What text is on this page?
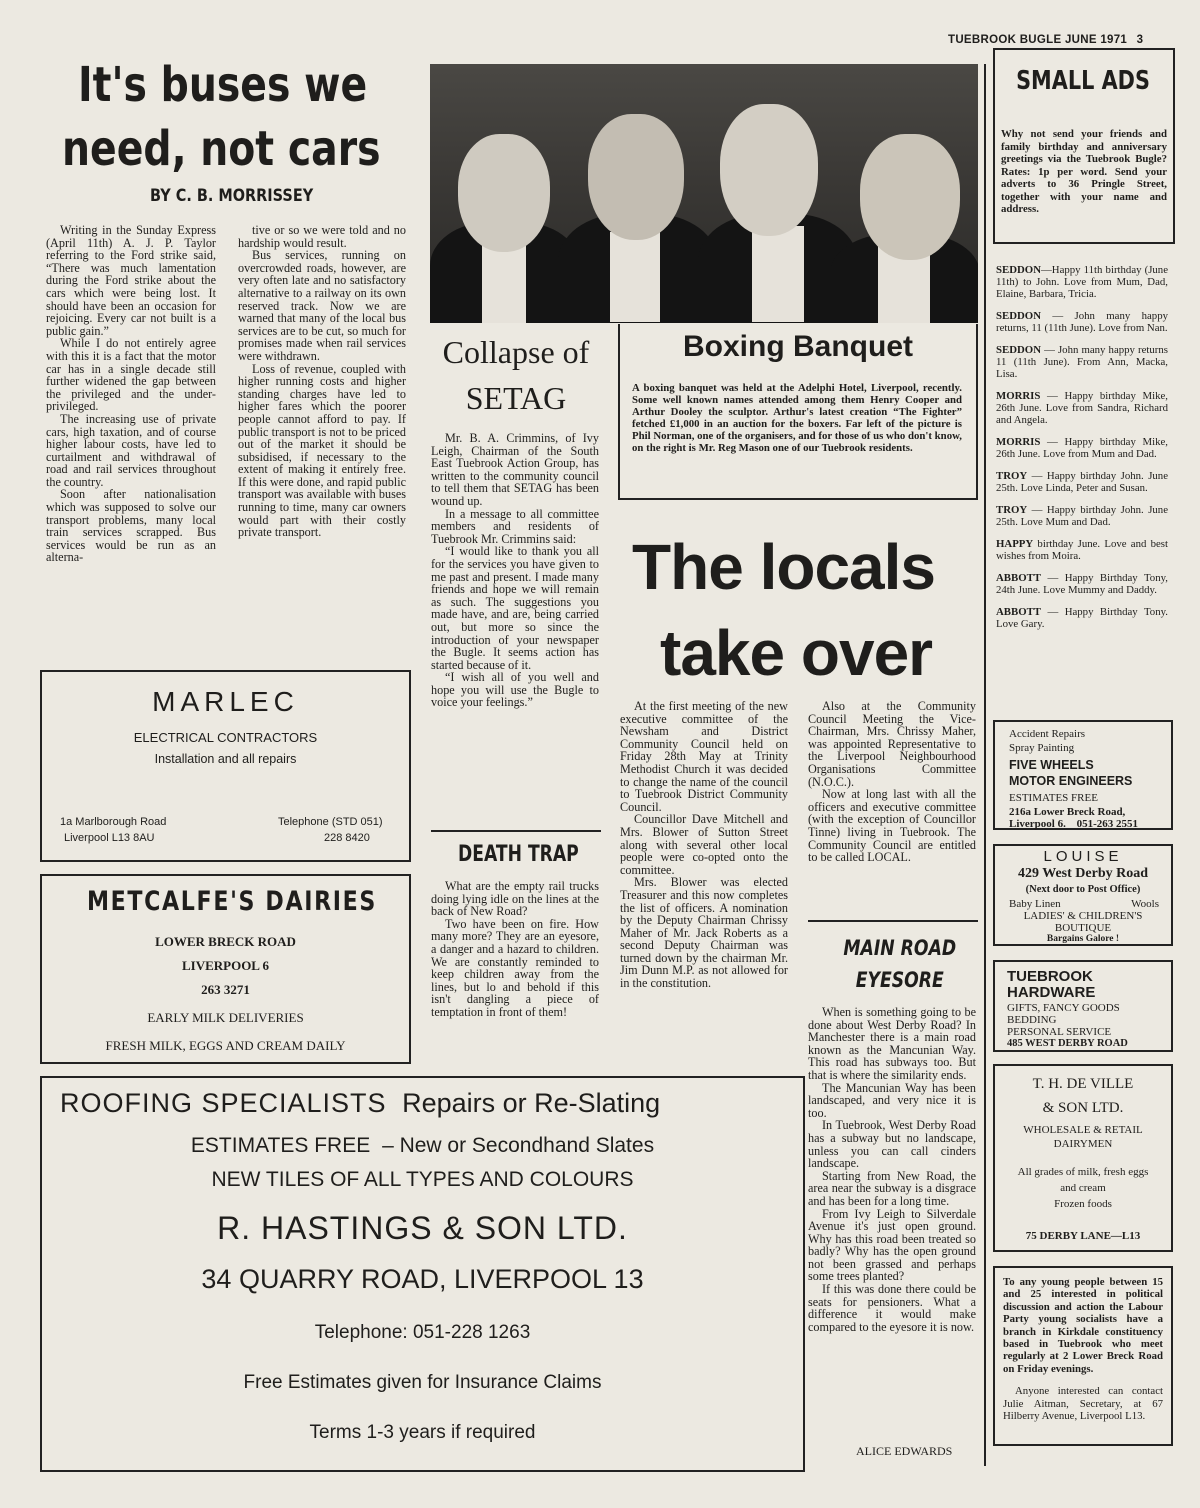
TUEBROOK BUGLE JUNE 1971 3
It's buses we
need, not cars
BY C. B. MORRISSEY

Writing in the Sunday Express (April 11th) A. J. P. Taylor referring to the Ford strike said, “There was much lamentation during the Ford strike about the cars which were being lost. It should have been an occasion for rejoicing. Every car not built is a public gain.”

While I do not entirely agree with this it is a fact that the motor car has in a single decade still further widened the gap between the privileged and the under-privileged.

The increasing use of private cars, high taxation, and of course higher labour costs, have led to curtailment and withdrawal of road and rail services throughout the country.

Soon after nationalisation which was supposed to solve our transport problems, many local train services scrapped. Bus services would be run as an alterna-

tive or so we were told and no hardship would result.

Bus services, running on overcrowded roads, however, are very often late and no satisfactory alternative to a railway on its own reserved track. Now we are warned that many of the local bus services are to be cut, so much for promises made when rail services were withdrawn.

Loss of revenue, coupled with higher running costs and higher standing charges have led to higher fares which the poorer people cannot afford to pay. If public transport is not to be priced out of the market it should be subsidised, if necessary to the extent of making it entirely free. If this were done, and rapid public transport was available with buses running to time, many car owners would part with their costly private transport.

MARLEC
ELECTRICAL CONTRACTORS
Installation and all repairs
1a Marlborough Road
Liverpool L13 8AU
Telephone (STD 051)
228 8420
METCALFE'S DAIRIES
LOWER BRECK ROAD
LIVERPOOL 6
263 3271
EARLY MILK DELIVERIES
FRESH MILK, EGGS AND CREAM DAILY
ROOFING SPECIALISTS Repairs or Re-Slating
ESTIMATES FREE – New or Secondhand Slates
NEW TILES OF ALL TYPES AND COLOURS
R. HASTINGS & SON LTD.
34 QUARRY ROAD, LIVERPOOL 13
Telephone: 051-228 1263
Free Estimates given for Insurance Claims
Terms 1-3 years if required
Collapse of
SETAG

Mr. B. A. Crimmins, of Ivy Leigh, Chairman of the South East Tuebrook Action Group, has written to the community council to tell them that SETAG has been wound up.

In a message to all committee members and residents of Tuebrook Mr. Crimmins said:

“I would like to thank you all for the services you have given to me past and present. I made many friends and hope we will remain as such. The suggestions you made have, and are, being carried out, but more so since the introduction of your newspaper the Bugle. It seems action has started because of it.

“I wish all of you well and hope you will use the Bugle to voice your feelings.”

DEATH TRAP

What are the empty rail trucks doing lying idle on the lines at the back of New Road?

Two have been on fire. How many more? They are an eyesore, a danger and a hazard to children. We are constantly reminded to keep children away from the lines, but lo and behold if this isn't dangling a piece of temptation in front of them!

Boxing Banquet
A boxing banquet was held at the Adelphi Hotel, Liverpool, recently. Some well known names attended among them Henry Cooper and Arthur Dooley the sculptor. Arthur's latest creation “The Fighter” fetched £1,000 in an auction for the boxers. Far left of the picture is Phil Norman, one of the organisers, and for those of us who don't know, on the right is Mr. Reg Mason one of our Tuebrook residents.
The locals
take over

At the first meeting of the new executive committee of the Newsham and District Community Council held on Friday 28th May at Trinity Methodist Church it was decided to change the name of the council to Tuebrook District Community Council.

Councillor Dave Mitchell and Mrs. Blower of Sutton Street along with several other local people were co-opted onto the committee.

Mrs. Blower was elected Treasurer and this now completes the list of officers. A nomination by the Deputy Chairman Chrissy Maher of Mr. Jack Roberts as a second Deputy Chairman was turned down by the chairman Mr. Jim Dunn M.P. as not allowed for in the constitution.

Also at the Community Council Meeting the Vice-Chairman, Mrs. Chrissy Maher, was appointed Representative to the Liverpool Neighbourhood Organisations Committee (N.O.C.).

Now at long last with all the officers and executive committee (with the exception of Councillor Tinne) living in Tuebrook. The Community Council are entitled to be called LOCAL.

MAIN ROAD
EYESORE

When is something going to be done about West Derby Road? In Manchester there is a main road known as the Mancunian Way. This road has subways too. But that is where the similarity ends.

The Mancunian Way has been landscaped, and very nice it is too.

In Tuebrook, West Derby Road has a subway but no landscape, unless you can call cinders landscape.

Starting from New Road, the area near the subway is a disgrace and has been for a long time.

From Ivy Leigh to Silverdale Avenue it's just open ground. Why has this road been treated so badly? Why has the open ground not been grassed and perhaps some trees planted?

If this was done there could be seats for pensioners. What a difference it would make compared to the eyesore it is now.

ALICE EDWARDS
SMALL ADS
Why not send your friends and family birthday and anniversary greetings via the Tuebrook Bugle? Rates: 1p per word. Send your adverts to 36 Pringle Street, together with your name and address.

SEDDON—Happy 11th birthday (June 11th) to John. Love from Mum, Dad, Elaine, Barbara, Tricia.

SEDDON — John many happy returns, 11 (11th June). Love from Nan.

SEDDON — John many happy returns 11 (11th June). From Ann, Macka, Lisa.

MORRIS — Happy birthday Mike, 26th June. Love from Sandra, Richard and Angela.

MORRIS — Happy birthday Mike, 26th June. Love from Mum and Dad.

TROY — Happy birthday John. June 25th. Love Linda, Peter and Susan.

TROY — Happy birthday John. June 25th. Love Mum and Dad.

HAPPY birthday June. Love and best wishes from Moira.

ABBOTT — Happy Birthday Tony, 24th June. Love Mummy and Daddy.

ABBOTT — Happy Birthday Tony. Love Gary.

Accident Repairs
Spray Painting
FIVE WHEELS
MOTOR ENGINEERS
ESTIMATES FREE
216a Lower Breck Road,
Liverpool 6. 051-263 2551
LOUISE
429 West Derby Road
(Next door to Post Office)
Baby Linen	Wools
LADIES' & CHILDREN'S
BOUTIQUE
Bargains Galore !
TUEBROOK
HARDWARE
GIFTS, FANCY GOODS
BEDDING
PERSONAL SERVICE
485 WEST DERBY ROAD
T. H. DE VILLE
& SON LTD.
WHOLESALE & RETAIL
DAIRYMEN
All grades of milk, fresh eggs
and cream
Frozen foods
75 DERBY LANE—L13
To any young people between 15 and 25 interested in political discussion and action the Labour Party young socialists have a branch in Kirkdale constituency based in Tuebrook who meet regularly at 2 Lower Breck Road on Friday evenings.
Anyone interested can contact Julie Aitman, Secretary, at 67 Hilberry Avenue, Liverpool L13.
